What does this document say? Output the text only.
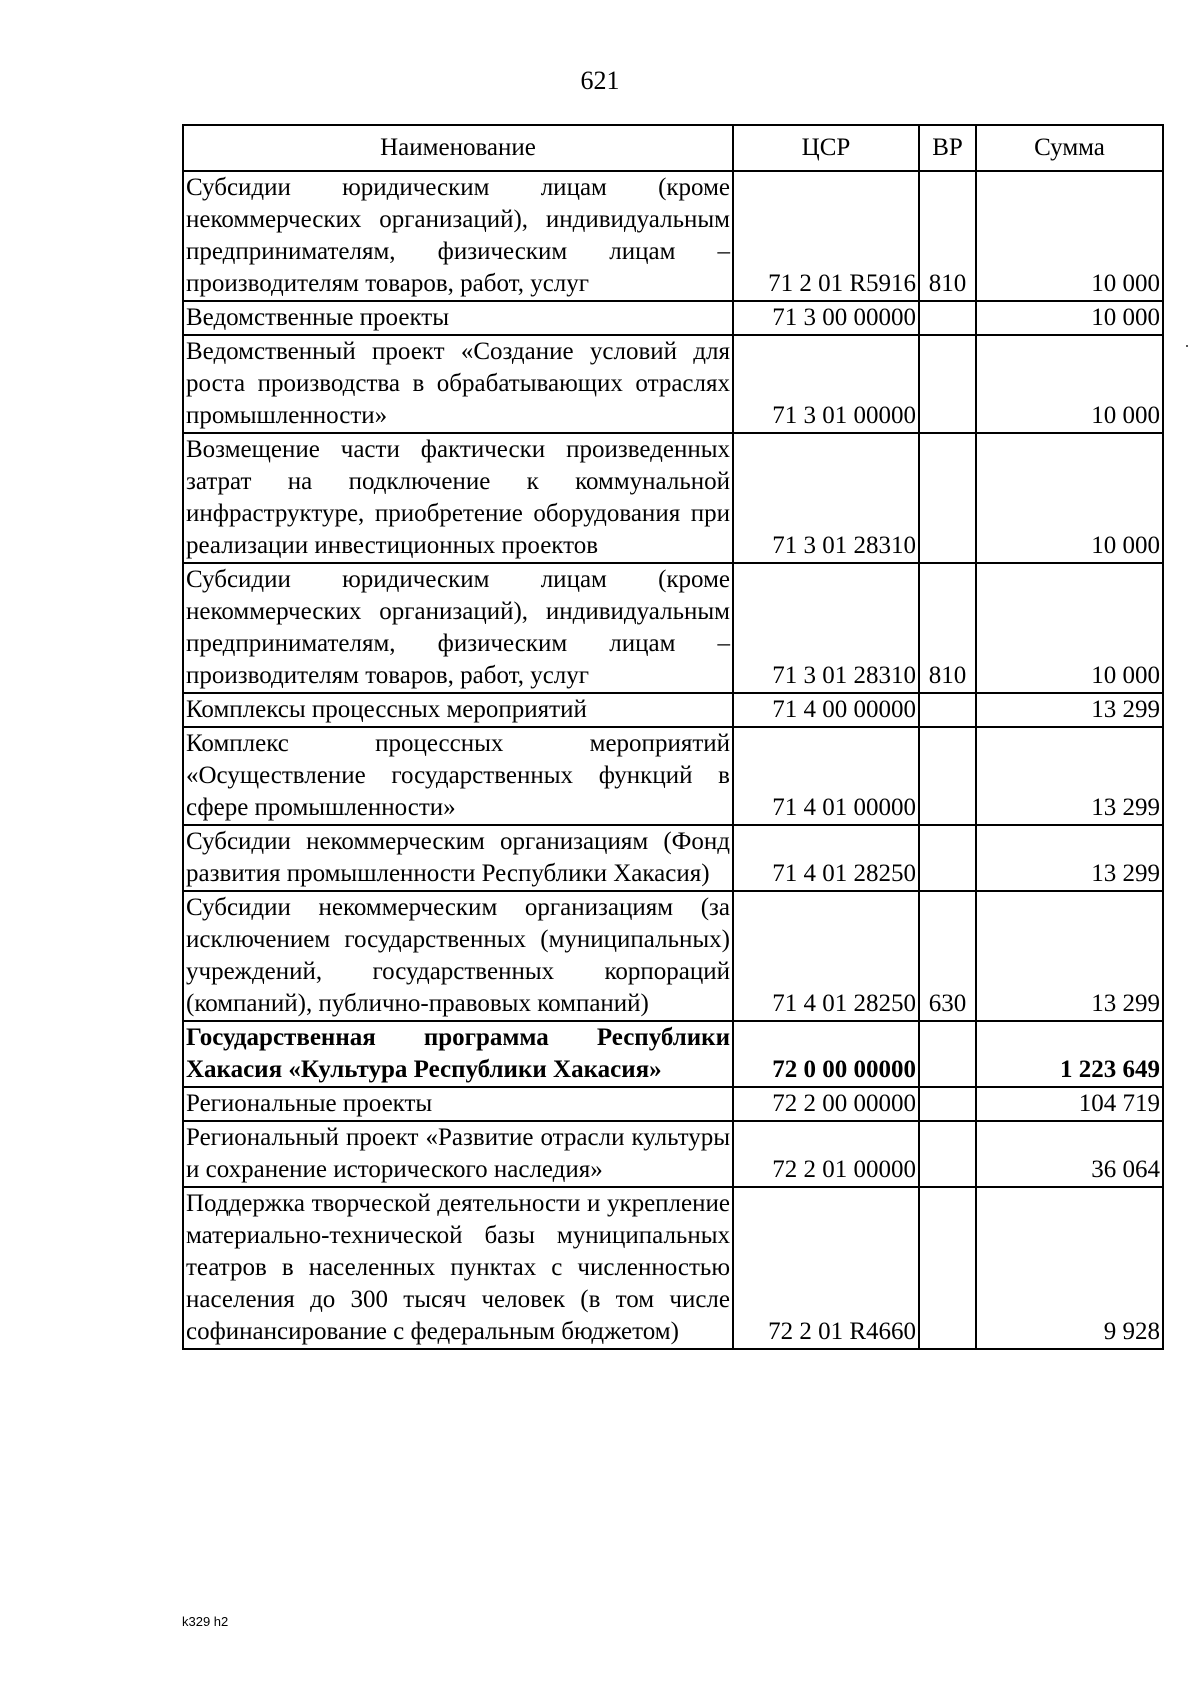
621
Наименование	ЦСР	ВР	Сумма
Субсидии юридическим лицам (кроме некоммерческих организаций), индивидуальным предпринимателям, физическим лицам – производителям товаров, работ, услуг	71 2 01 R5916	810	10 000
Ведомственные проекты	71 3 00 00000		10 000
Ведомственный проект «Создание условий для роста производства в обрабатывающих отраслях промышленности»	71 3 01 00000		10 000
Возмещение части фактически произведенных затрат на подключение к коммунальной инфраструктуре, приобретение оборудования при реализации инвестиционных проектов	71 3 01 28310		10 000
Субсидии юридическим лицам (кроме некоммерческих организаций), индивидуальным предпринимателям, физическим лицам – производителям товаров, работ, услуг	71 3 01 28310	810	10 000
Комплексы процессных мероприятий	71 4 00 00000		13 299
Комплекс процессных мероприятий «Осуществление государственных функций в сфере промышленности»	71 4 01 00000		13 299
Субсидии некоммерческим организациям (Фонд развития промышленности Республики Хакасия)	71 4 01 28250		13 299
Субсидии некоммерческим организациям (за исключением государственных (муниципальных) учреждений, государственных корпораций (компаний), публично-правовых компаний)	71 4 01 28250	630	13 299
Государственная программа Республики Хакасия «Культура Республики Хакасия»	72 0 00 00000		1 223 649
Региональные проекты	72 2 00 00000		104 719
Региональный проект «Развитие отрасли культуры и сохранение исторического наследия»	72 2 01 00000		36 064
Поддержка творческой деятельности и укрепление материально-технической базы муниципальных театров в населенных пунктах с численностью населения до 300 тысяч человек (в том числе софинансирование с федеральным бюджетом)	72 2 01 R4660		9 928
k329 h2
